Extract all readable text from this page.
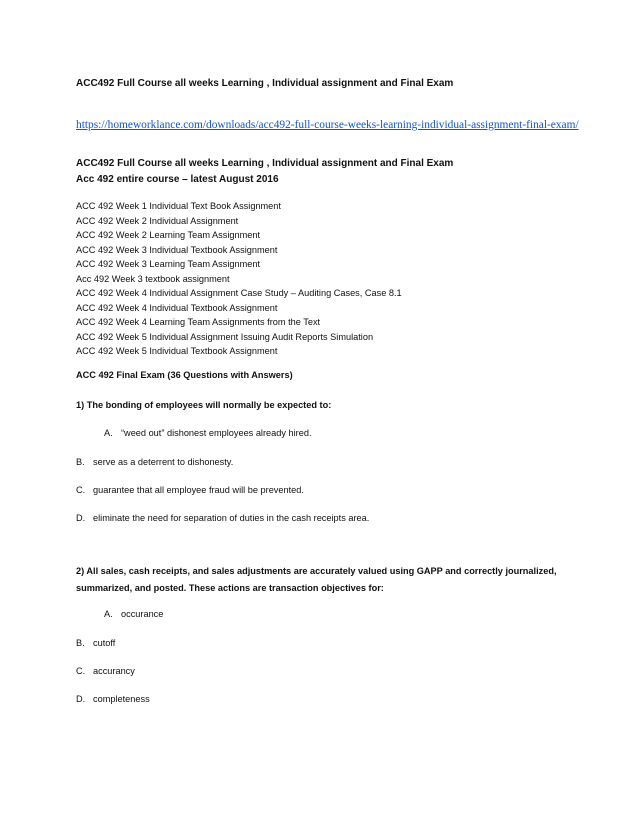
ACC492 Full Course all weeks Learning , Individual assignment and Final Exam
https://homeworklance.com/downloads/acc492-full-course-weeks-learning-individual-assignment-final-exam/
ACC492 Full Course all weeks Learning , Individual assignment and Final Exam
Acc 492 entire course – latest August 2016
ACC 492 Week 1 Individual Text Book Assignment
ACC 492 Week 2 Individual Assignment
ACC 492 Week 2 Learning Team Assignment
ACC 492 Week 3 Individual Textbook Assignment
ACC 492 Week 3 Learning Team Assignment
Acc 492 Week 3 textbook assignment
ACC 492 Week 4 Individual Assignment Case Study – Auditing Cases, Case 8.1
ACC 492 Week 4 Individual Textbook Assignment
ACC 492 Week 4 Learning Team Assignments from the Text
ACC 492 Week 5 Individual Assignment Issuing Audit Reports Simulation
ACC 492 Week 5 Individual Textbook Assignment
ACC 492 Final Exam (36 Questions with Answers)
1) The bonding of employees will normally be expected to:
A. “weed out” dishonest employees already hired.
B. serve as a deterrent to dishonesty.
C. guarantee that all employee fraud will be prevented.
D. eliminate the need for separation of duties in the cash receipts area.
2) All sales, cash receipts, and sales adjustments are accurately valued using GAPP and correctly journalized, summarized, and posted. These actions are transaction objectives for:
A. occurance
B. cutoff
C. accurancy
D. completeness
